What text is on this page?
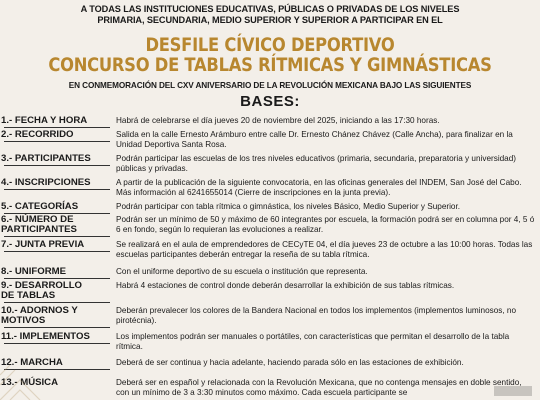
A TODAS LAS INSTITUCIONES EDUCATIVAS, PÚBLICAS O PRIVADAS DE LOS NIVELES
PRIMARIA, SECUNDARIA, MEDIO SUPERIOR Y SUPERIOR A PARTICIPAR EN EL
DESFILE CÍVICO DEPORTIVO
CONCURSO DE TABLAS RÍTMICAS Y GIMNÁSTICAS
EN CONMEMORACIÓN DEL CXV ANIVERSARIO DE LA REVOLUCIÓN MEXICANA BAJO LAS SIGUIENTES
BASES:
1.- FECHA Y HORA	Habrá de celebrarse el día jueves 20 de noviembre del 2025, iniciando a las 17:30 horas.
2.- RECORRIDO	Salida en la calle Ernesto Arámburo entre calle Dr. Ernesto Chánez Chávez (Calle Ancha), para finalizar en la Unidad Deportiva Santa Rosa.
3.- PARTICIPANTES	Podrán participar las escuelas de los tres niveles educativos (primaria, secundaria, preparatoria y universidad) públicas y privadas.
4.- INSCRIPCIONES	A partir de la publicación de la siguiente convocatoria, en las oficinas generales del INDEM, San José del Cabo. Más información al 6241655014 (Cierre de inscripciones en la junta previa).
5.- CATEGORÍAS	Podrán participar con tabla rítmica o gimnástica, los niveles Básico, Medio Superior y Superior.
6.- NÚMERO DE
PARTICIPANTES
Podrán ser un mínimo de 50 y máximo de 60 integrantes por escuela, la formación podrá ser en columna por 4, 5 ó 6 en fondo, según lo requieran las evoluciones a realizar.
7.- JUNTA PREVIA	Se realizará en el aula de emprendedores de CECyTE 04, el día jueves 23 de octubre a las 10:00 horas. Todas las escuelas participantes deberán entregar la reseña de su tabla rítmica.
8.- UNIFORME	Con el uniforme deportivo de su escuela o institución que representa.
9.- DESARROLLO
DE TABLAS
Habrá 4 estaciones de control donde deberán desarrollar la exhibición de sus tablas rítmicas.
10.- ADORNOS Y
MOTIVOS
Deberán prevalecer los colores de la Bandera Nacional en todos los implementos (implementos luminosos, no pirotécnia).
11.- IMPLEMENTOS	Los implementos podrán ser manuales o portátiles, con características que permitan el desarrollo de la tabla rítmica.
12.- MARCHA	Deberá de ser continua y hacia adelante, haciendo parada sólo en las estaciones de exhibición.
13.- MÚSICA	Deberá ser en español y relacionada con la Revolución Mexicana, que no contenga mensajes en doble sentido, con un mínimo de 3 a 3:30 minutos como máximo. Cada escuela participante se
